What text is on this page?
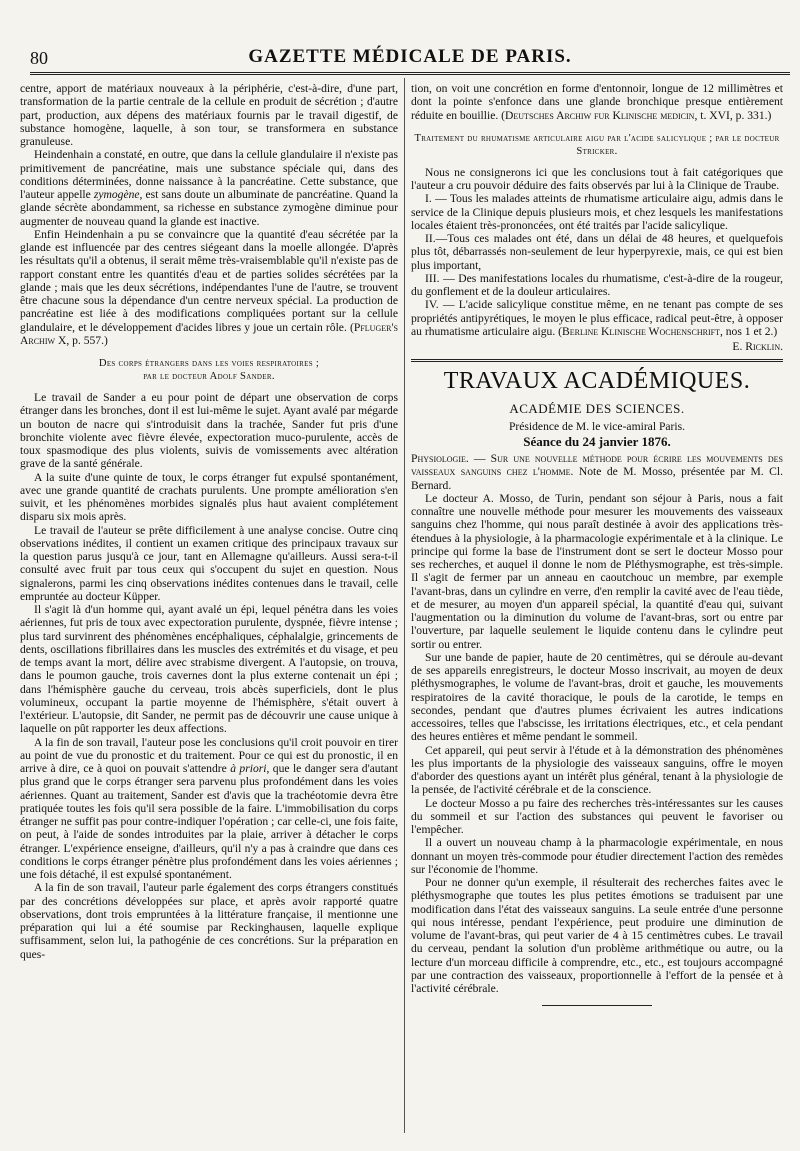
80	GAZETTE MÉDICALE DE PARIS.

centre, apport de matériaux nouveaux à la périphérie, c'est-à-dire, d'une part, transformation de la partie centrale de la cellule en produit de sécrétion ; d'autre part, production, aux dépens des matériaux fournis par le travail digestif, de substance homogène, laquelle, à son tour, se transformera en substance granuleuse.

Heindenhain a constaté, en outre, que dans la cellule glandulaire il n'existe pas primitivement de pancréatine, mais une substance spéciale qui, dans des conditions déterminées, donne naissance à la pancréatine. Cette substance, que l'auteur appelle zymogène, est sans doute un albuminate de pancréatine. Quand la glande sécrète abondamment, sa richesse en substance zymogène diminue pour augmenter de nouveau quand la glande est inactive.

Enfin Heindenhain a pu se convaincre que la quantité d'eau sécrétée par la glande est influencée par des centres siégeant dans la moelle allongée. D'après les résultats qu'il a obtenus, il serait même très-vraisemblable qu'il n'existe pas de rapport constant entre les quantités d'eau et de parties solides sécrétées par la glande ; mais que les deux sécrétions, indépendantes l'une de l'autre, se trouvent être chacune sous la dépendance d'un centre nerveux spécial. La production de pancréatine est liée à des modifications compliquées portant sur la cellule glandulaire, et le développement d'acides libres y joue un certain rôle. (Pfluger's Archiw X, p. 557.)

Des corps étrangers dans les voies respiratoires ;
par le docteur Adolf Sander.

Le travail de Sander a eu pour point de départ une observation de corps étranger dans les bronches, dont il est lui-même le sujet. Ayant avalé par mégarde un bouton de nacre qui s'introduisit dans la trachée, Sander fut pris d'une bronchite violente avec fièvre élevée, expectoration muco-purulente, accès de toux spasmodique des plus violents, suivis de vomissements avec altération grave de la santé générale.

A la suite d'une quinte de toux, le corps étranger fut expulsé spontanément, avec une grande quantité de crachats purulents. Une prompte amélioration s'en suivit, et les phénomènes morbides signalés plus haut avaient complétement disparu six mois après.

Le travail de l'auteur se prête difficilement à une analyse concise. Outre cinq observations inédites, il contient un examen critique des principaux travaux sur la question parus jusqu'à ce jour, tant en Allemagne qu'ailleurs. Aussi sera-t-il consulté avec fruit par tous ceux qui s'occupent du sujet en question. Nous signalerons, parmi les cinq observations inédites contenues dans le travail, celle empruntée au docteur Küpper.

Il s'agit là d'un homme qui, ayant avalé un épi, lequel pénétra dans les voies aériennes, fut pris de toux avec expectoration purulente, dyspnée, fièvre intense ; plus tard survinrent des phénomènes encéphaliques, céphalalgie, grincements de dents, oscillations fibrillaires dans les muscles des extrémités et du visage, et peu de temps avant la mort, délire avec strabisme divergent. A l'autopsie, on trouva, dans le poumon gauche, trois cavernes dont la plus externe contenait un épi ; dans l'hémisphère gauche du cerveau, trois abcès superficiels, dont le plus volumineux, occupant la partie moyenne de l'hémisphère, s'était ouvert à l'extérieur. L'autopsie, dit Sander, ne permit pas de découvrir une cause unique à laquelle on pût rapporter les deux affections.

A la fin de son travail, l'auteur pose les conclusions qu'il croit pouvoir en tirer au point de vue du pronostic et du traitement. Pour ce qui est du pronostic, il en arrive à dire, ce à quoi on pouvait s'attendre à priori, que le danger sera d'autant plus grand que le corps étranger sera parvenu plus profondément dans les voies aériennes. Quant au traitement, Sander est d'avis que la trachéotomie devra être pratiquée toutes les fois qu'il sera possible de la faire. L'immobilisation du corps étranger ne suffit pas pour contre-indiquer l'opération ; car celle-ci, une fois faite, on peut, à l'aide de sondes introduites par la plaie, arriver à détacher le corps étranger. L'expérience enseigne, d'ailleurs, qu'il n'y a pas à craindre que dans ces conditions le corps étranger pénètre plus profondément dans les voies aériennes ; une fois détaché, il est expulsé spontanément.

A la fin de son travail, l'auteur parle également des corps étrangers constitués par des concrétions développées sur place, et après avoir rapporté quatre observations, dont trois empruntées à la littérature française, il mentionne une préparation qui lui a été soumise par Reckinghausen, laquelle explique suffisamment, selon lui, la pathogénie de ces concrétions. Sur la préparation en ques-

tion, on voit une concrétion en forme d'entonnoir, longue de 12 millimètres et dont la pointe s'enfonce dans une glande bronchique presque entièrement réduite en bouillie. (Deutsches Archiw fur Klinische medicin, t. XVI, p. 331.)

Traitement du rhumatisme articulaire aigu par l'acide salicylique ; par le docteur Stricker.

Nous ne consignerons ici que les conclusions tout à fait catégoriques que l'auteur a cru pouvoir déduire des faits observés par lui à la Clinique de Traube.

I. — Tous les malades atteints de rhumatisme articulaire aigu, admis dans le service de la Clinique depuis plusieurs mois, et chez lesquels les manifestations locales étaient très-prononcées, ont été traités par l'acide salicylique.

II.—Tous ces malades ont été, dans un délai de 48 heures, et quelquefois plus tôt, débarrassés non-seulement de leur hyperpyrexie, mais, ce qui est bien plus important,

III. — Des manifestations locales du rhumatisme, c'est-à-dire de la rougeur, du gonflement et de la douleur articulaires.

IV. — L'acide salicylique constitue même, en ne tenant pas compte de ses propriétés antipyrétiques, le moyen le plus efficace, radical peut-être, à opposer au rhumatisme articulaire aigu. (Berline Klinische Wochenschrift, nos 1 et 2.)

E. Ricklin.

TRAVAUX ACADÉMIQUES.
ACADÉMIE DES SCIENCES.
Présidence de M. le vice-amiral Paris.
Séance du 24 janvier 1876.

Physiologie. — Sur une nouvelle méthode pour écrire les mouvements des vaisseaux sanguins chez l'homme. Note de M. Mosso, présentée par M. Cl. Bernard.

Le docteur A. Mosso, de Turin, pendant son séjour à Paris, nous a fait connaître une nouvelle méthode pour mesurer les mouvements des vaisseaux sanguins chez l'homme, qui nous paraît destinée à avoir des applications très-étendues à la physiologie, à la pharmacologie expérimentale et à la clinique. Le principe qui forme la base de l'instrument dont se sert le docteur Mosso pour ses recherches, et auquel il donne le nom de Pléthysmographe, est très-simple. Il s'agit de fermer par un anneau en caoutchouc un membre, par exemple l'avant-bras, dans un cylindre en verre, d'en remplir la cavité avec de l'eau tiède, et de mesurer, au moyen d'un appareil spécial, la quantité d'eau qui, suivant l'augmentation ou la diminution du volume de l'avant-bras, sort ou entre par l'ouverture, par laquelle seulement le liquide contenu dans le cylindre peut sortir ou entrer.

Sur une bande de papier, haute de 20 centimètres, qui se déroule au-devant de ses appareils enregistreurs, le docteur Mosso inscrivait, au moyen de deux pléthysmographes, le volume de l'avant-bras, droit et gauche, les mouvements respiratoires de la cavité thoracique, le pouls de la carotide, le temps en secondes, pendant que d'autres plumes écrivaient les autres indications accessoires, telles que l'abscisse, les irritations électriques, etc., et cela pendant des heures entières et même pendant le sommeil.

Cet appareil, qui peut servir à l'étude et à la démonstration des phénomènes les plus importants de la physiologie des vaisseaux sanguins, offre le moyen d'aborder des questions ayant un intérêt plus général, tenant à la physiologie de la pensée, de l'activité cérébrale et de la conscience.

Le docteur Mosso a pu faire des recherches très-intéressantes sur les causes du sommeil et sur l'action des substances qui peuvent le favoriser ou l'empêcher.

Il a ouvert un nouveau champ à la pharmacologie expérimentale, en nous donnant un moyen très-commode pour étudier directement l'action des remèdes sur l'économie de l'homme.

Pour ne donner qu'un exemple, il résulterait des recherches faites avec le pléthysmographe que toutes les plus petites émotions se traduisent par une modification dans l'état des vaisseaux sanguins. La seule entrée d'une personne qui nous intéresse, pendant l'expérience, peut produire une diminution de volume de l'avant-bras, qui peut varier de 4 à 15 centimètres cubes. Le travail du cerveau, pendant la solution d'un problème arithmétique ou autre, ou la lecture d'un morceau difficile à comprendre, etc., etc., est toujours accompagné par une contraction des vaisseaux, proportionnelle à l'effort de la pensée et à l'activité cérébrale.
